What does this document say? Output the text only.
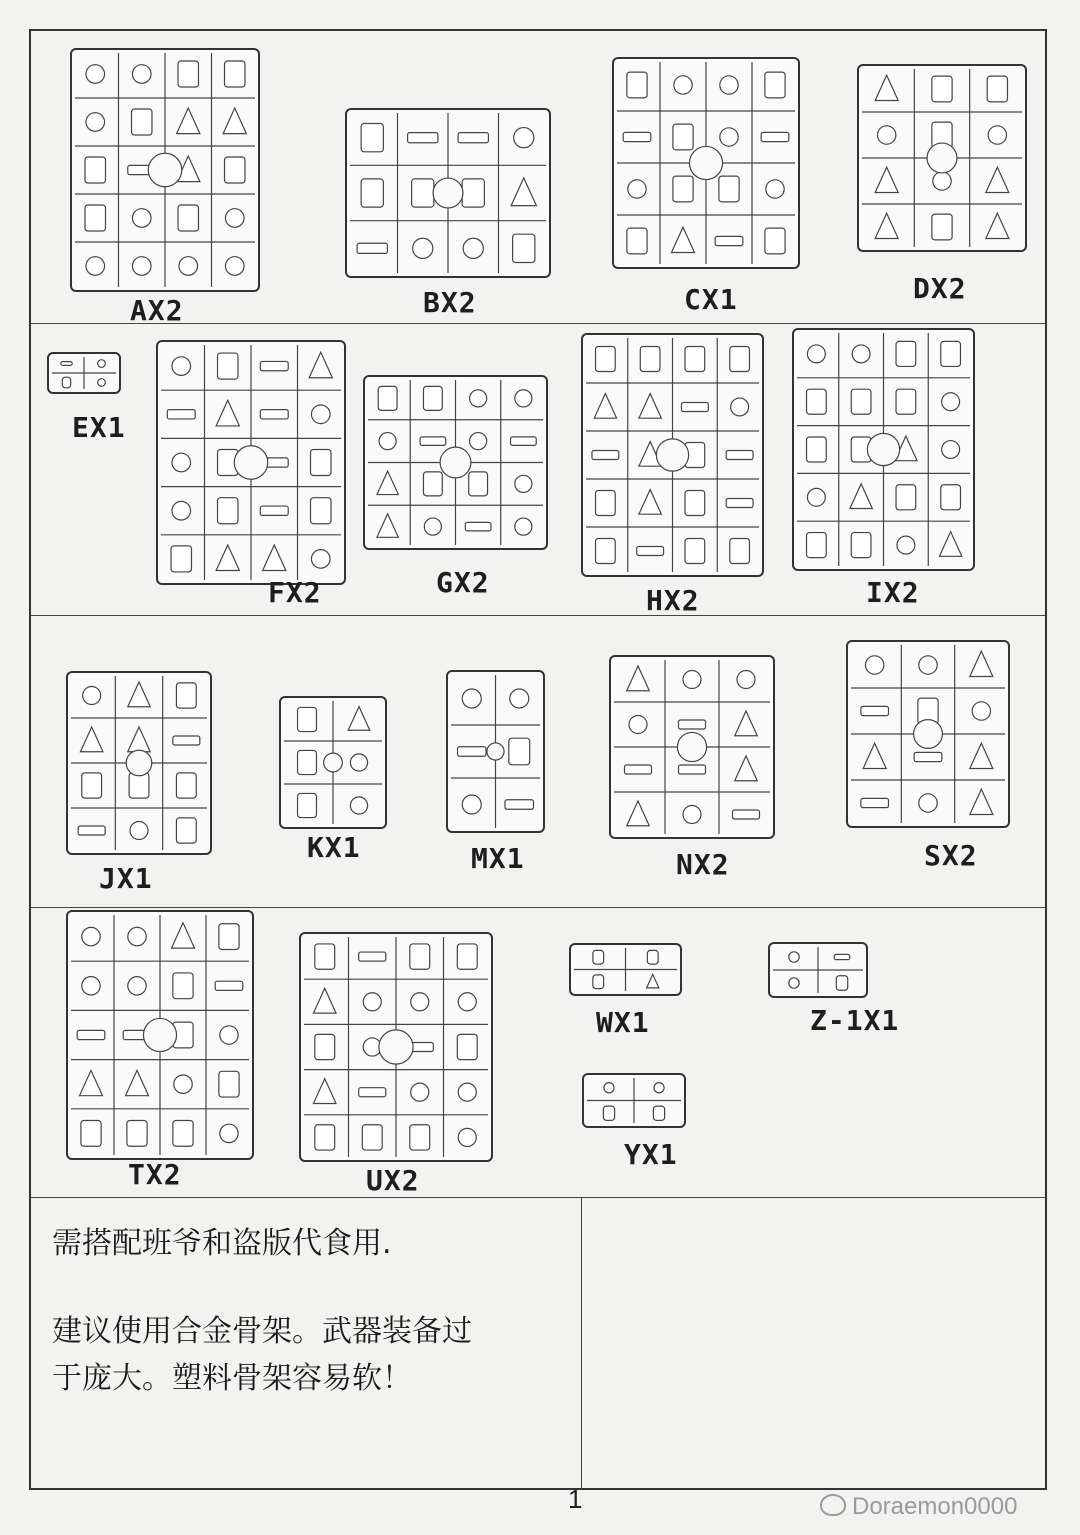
AX2	BX2	CX1	DX2
EX1
FX2	GX2
HX2	IX2
JX1
KX1	MX1	NX2	SX2
TX2	UX2
WX1	Z-1X1
YX1
需搭配班爷和盗版代食用.
建议使用合金骨架。武器装备过
于庞大。塑料骨架容易软！
1	Doraemon0000
